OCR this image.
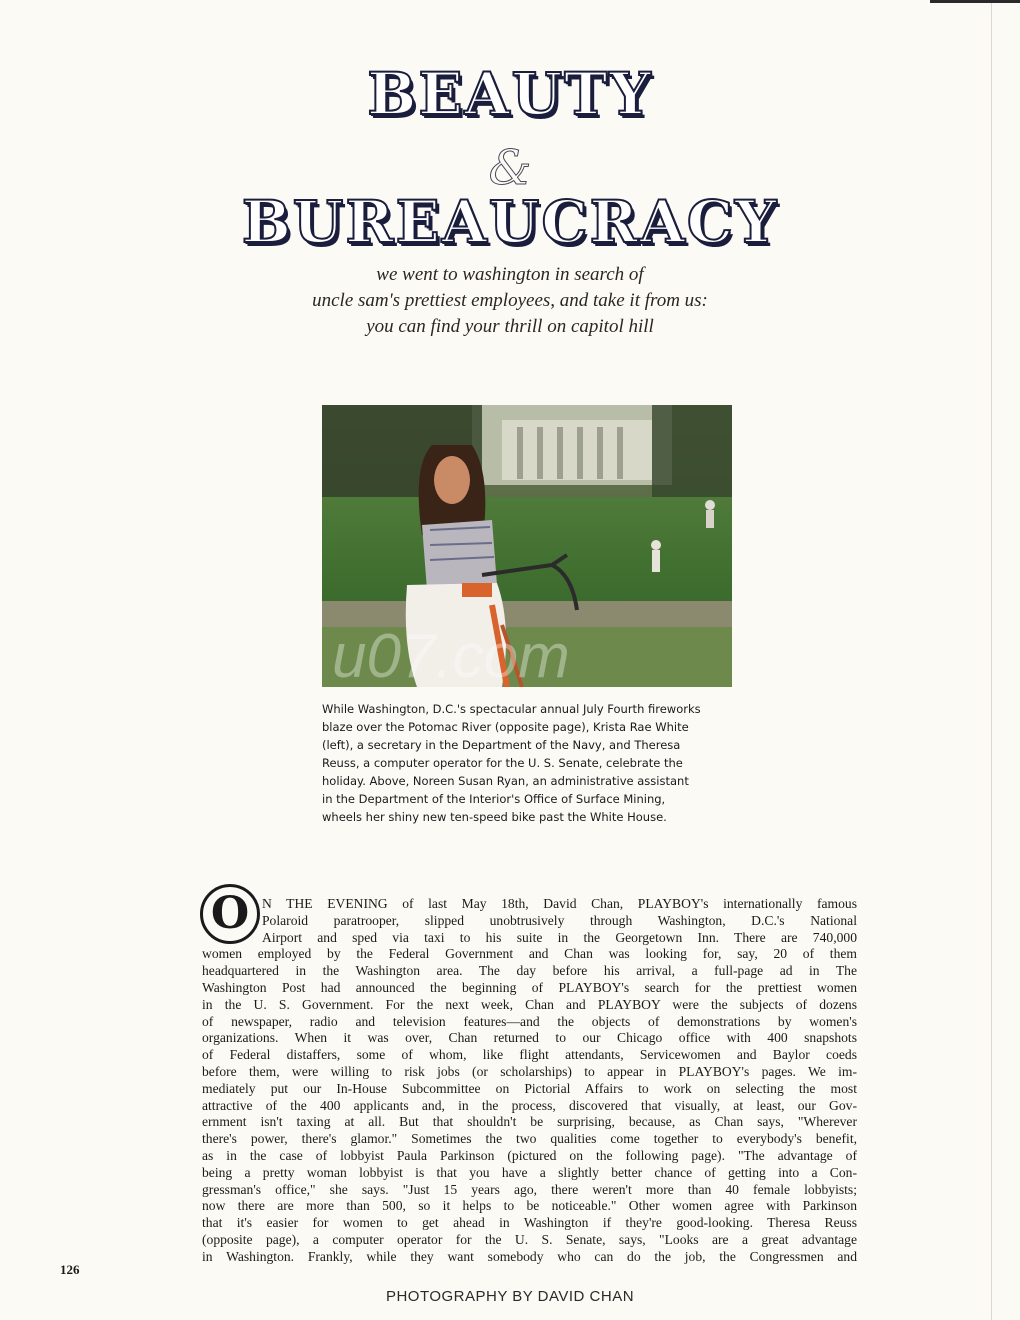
BEAUTY
&
BUREAUCRACY
we went to washington in search of
uncle sam's prettiest employees, and take it from us:
you can find your thrill on capitol hill
u07.com
While Washington, D.C.'s spectacular annual July Fourth fireworks
blaze over the Potomac River (opposite page), Krista Rae White
(left), a secretary in the Department of the Navy, and Theresa
Reuss, a computer operator for the U. S. Senate, celebrate the
holiday. Above, Noreen Susan Ryan, an administrative assistant
in the Department of the Interior's Office of Surface Mining,
wheels her shiny new ten-speed bike past the White House.
O N THE EVENING of last May 18th, David Chan, PLAYBOY's internationally famous
Polaroid paratrooper, slipped unobtrusively through Washington, D.C.'s National
Airport and sped via taxi to his suite in the Georgetown Inn. There are 740,000
women employed by the Federal Government and Chan was looking for, say, 20 of them
headquartered in the Washington area. The day before his arrival, a full-page ad in The
Washington Post had announced the beginning of PLAYBOY's search for the prettiest women
in the U. S. Government. For the next week, Chan and PLAYBOY were the subjects of dozens
of newspaper, radio and television features—and the objects of demonstrations by women's
organizations. When it was over, Chan returned to our Chicago office with 400 snapshots
of Federal distaffers, some of whom, like flight attendants, Servicewomen and Baylor coeds
before them, were willing to risk jobs (or scholarships) to appear in PLAYBOY's pages. We im-
mediately put our In-House Subcommittee on Pictorial Affairs to work on selecting the most
attractive of the 400 applicants and, in the process, discovered that visually, at least, our Gov-
ernment isn't taxing at all. But that shouldn't be surprising, because, as Chan says, "Wherever
there's power, there's glamor." Sometimes the two qualities come together to everybody's benefit,
as in the case of lobbyist Paula Parkinson (pictured on the following page). "The advantage of
being a pretty woman lobbyist is that you have a slightly better chance of getting into a Con-
gressman's office," she says. "Just 15 years ago, there weren't more than 40 female lobbyists;
now there are more than 500, so it helps to be noticeable." Other women agree with Parkinson
that it's easier for women to get ahead in Washington if they're good-looking. Theresa Reuss
(opposite page), a computer operator for the U. S. Senate, says, "Looks are a great advantage
in Washington. Frankly, while they want somebody who can do the job, the Congressmen and
126
PHOTOGRAPHY BY DAVID CHAN
